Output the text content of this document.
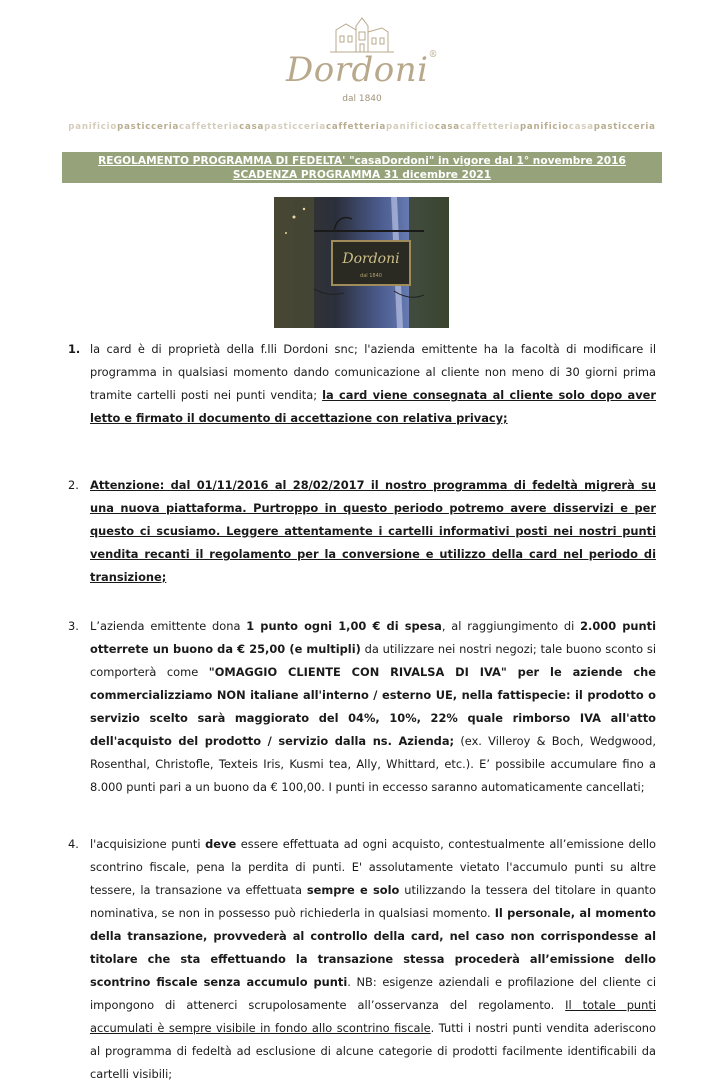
Dordoni®
dal 1840
panificiopasticceriacaffetteriacasapasticceriacaffetteriapanificiocasacaffetteriapanificiocasapasticceria
REGOLAMENTO PROGRAMMA DI FEDELTA' "casaDordoni" in vigore dal 1° novembre 2016
SCADENZA PROGRAMMA 31 dicembre 2021
Dordoni
dal 1840
1. la card è di proprietà della f.lli Dordoni snc; l'azienda emittente ha la facoltà di modificare il programma in qualsiasi momento dando comunicazione al cliente non meno di 30 giorni prima tramite cartelli posti nei punti vendita; la card viene consegnata al cliente solo dopo aver letto e firmato il documento di accettazione con relativa privacy;
2. Attenzione: dal 01/11/2016 al 28/02/2017 il nostro programma di fedeltà migrerà su una nuova piattaforma. Purtroppo in questo periodo potremo avere disservizi e per questo ci scusiamo. Leggere attentamente i cartelli informativi posti nei nostri punti vendita recanti il regolamento per la conversione e utilizzo della card nel periodo di transizione;
3. L’azienda emittente dona 1 punto ogni 1,00 € di spesa, al raggiungimento di 2.000 punti otterrete un buono da € 25,00 (e multipli) da utilizzare nei nostri negozi; tale buono sconto si comporterà come "OMAGGIO CLIENTE CON RIVALSA DI IVA" per le aziende che commercializziamo NON italiane all'interno / esterno UE, nella fattispecie: il prodotto o servizio scelto sarà maggiorato del 04%, 10%, 22% quale rimborso IVA all'atto dell'acquisto del prodotto / servizio dalla ns. Azienda; (ex. Villeroy & Boch, Wedgwood, Rosenthal, Christofle, Texteis Iris, Kusmi tea, Ally, Whittard, etc.). E’ possibile accumulare fino a 8.000 punti pari a un buono da € 100,00. I punti in eccesso saranno automaticamente cancellati;
4. l'acquisizione punti deve essere effettuata ad ogni acquisto, contestualmente all’emissione dello scontrino fiscale, pena la perdita di punti. E' assolutamente vietato l'accumulo punti su altre tessere, la transazione va effettuata sempre e solo utilizzando la tessera del titolare in quanto nominativa, se non in possesso può richiederla in qualsiasi momento. Il personale, al momento della transazione, provvederà al controllo della card, nel caso non corrispondesse al titolare che sta effettuando la transazione stessa procederà all’emissione dello scontrino fiscale senza accumulo punti. NB: esigenze aziendali e profilazione del cliente ci impongono di attenerci scrupolosamente all’osservanza del regolamento. Il totale punti accumulati è sempre visibile in fondo allo scontrino fiscale. Tutti i nostri punti vendita aderiscono al programma di fedeltà ad esclusione di alcune categorie di prodotti facilmente identificabili da cartelli visibili;
